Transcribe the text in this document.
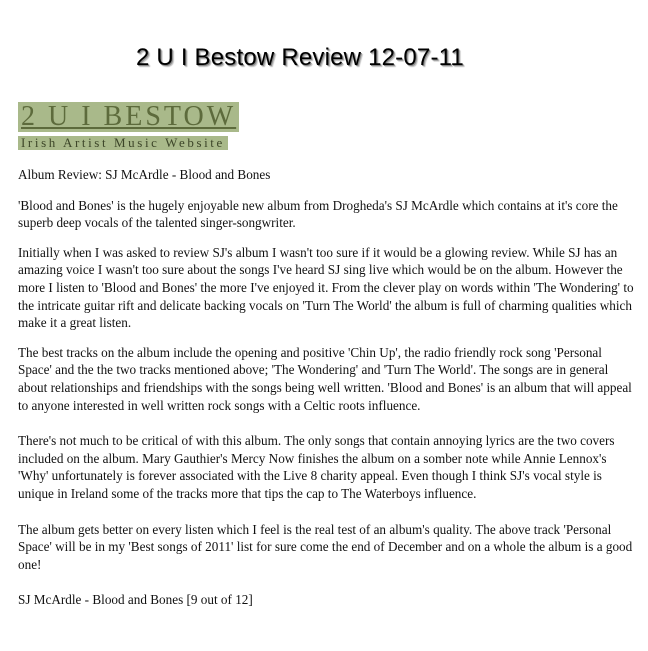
2 U I Bestow Review 12-07-11
2 U I BESTOW
Irish Artist Music Website

Album Review: SJ McArdle - Blood and Bones

'Blood and Bones' is the hugely enjoyable new album from Drogheda's SJ McArdle which contains at it's core the superb deep vocals of the talented singer-songwriter.

Initially when I was asked to review SJ's album I wasn't too sure if it would be a glowing review. While SJ has an amazing voice I wasn't too sure about the songs I've heard SJ sing live which would be on the album. However the more I listen to 'Blood and Bones' the more I've enjoyed it. From the clever play on words within 'The Wondering' to the intricate guitar rift and delicate backing vocals on 'Turn The World' the album is full of charming qualities which make it a great listen.

The best tracks on the album include the opening and positive 'Chin Up', the radio friendly rock song 'Personal Space' and the the two tracks mentioned above; 'The Wondering' and 'Turn The World'. The songs are in general about relationships and friendships with the songs being well written. 'Blood and Bones' is an album that will appeal to anyone interested in well written rock songs with a Celtic roots influence.

There's not much to be critical of with this album. The only songs that contain annoying lyrics are the two covers included on the album. Mary Gauthier's Mercy Now finishes the album on a somber note while Annie Lennox's 'Why' unfortunately is forever associated with the Live 8 charity appeal. Even though I think SJ's vocal style is unique in Ireland some of the tracks more that tips the cap to The Waterboys influence.

The album gets better on every listen which I feel is the real test of an album's quality. The above track 'Personal Space' will be in my 'Best songs of 2011' list for sure come the end of December and on a whole the album is a good one!

SJ McArdle - Blood and Bones [9 out of 12]
